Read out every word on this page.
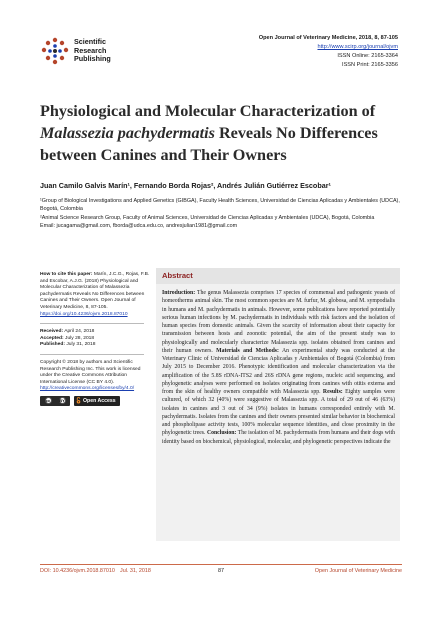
Scientific
Research
Publishing
Open Journal of Veterinary Medicine, 2018, 8, 87-105
http://www.scirp.org/journal/ojvm
ISSN Online: 2165-3364
ISSN Print: 2165-3356
Physiological and Molecular Characterization of Malassezia pachydermatis Reveals No Differences between Canines and Their Owners
Juan Camilo Galvis Marín¹, Fernando Borda Rojas², Andrés Julián Gutiérrez Escobar¹

¹Group of Biological Investigations and Applied Genetics (GIBGA), Faculty Health Sciences, Universidad de Ciencias Aplicadas y Ambientales (UDCA), Bogotá, Colombia

²Animal Science Research Group, Faculty of Animal Sciences, Universidad de Ciencias Aplicadas y Ambientales (UDCA), Bogotá, Colombia

Email: jucagama@gmail.com, fborda@udca.edu.co, andresjulian1981@gmail.com

How to cite this paper: Marín, J.C.G., Rojas, F.B. and Escobar, A.J.G. (2018) Physiological and Molecular Characterization of Malassezia pachydermatis Reveals No Differences between Canines and Their Owners. Open Journal of Veterinary Medicine, 8, 87-105.
https://doi.org/10.4236/ojvm.2018.87010
Received: April 24, 2018
Accepted: July 28, 2018
Published: July 31, 2018
Copyright © 2018 by authors and Scientific Research Publishing Inc. This work is licensed under the Creative Commons Attribution International License (CC BY 4.0).
http://creativecommons.org/licenses/by/4.0/
cc	BY	Open Access
Abstract
Introduction: The genus Malassezia comprises 17 species of commensal and pathogenic yeasts of homeotherms animal skin. The most common species are M. furfur, M. globosa, and M. sympodialis in humans and M. pachydermatis in animals. However, some publications have reported potentially serious human infections by M. pachydermatis in individuals with risk factors and the isolation of human species from domestic animals. Given the scarcity of information about their capacity for transmission between hosts and zoonotic potential, the aim of the present study was to physiologically and molecularly characterize Malassezia spp. isolates obtained from canines and their human owners. Materials and Methods: An experimental study was conducted at the Veterinary Clinic of Universidad de Ciencias Aplicadas y Ambientales of Bogotá (Colombia) from July 2015 to December 2016. Phenotypic identification and molecular characterization via the amplification of the 5.8S rDNA-ITS2 and 26S rDNA gene regions, nucleic acid sequencing, and phylogenetic analyses were performed on isolates originating from canines with otitis externa and from the skin of healthy owners compatible with Malassezia spp. Results: Eighty samples were cultured, of which 32 (40%) were suggestive of Malassezia spp. A total of 29 out of 46 (63%) isolates in canines and 3 out of 34 (9%) isolates in humans corresponded entirely with M. pachydermatis. Isolates from the canines and their owners presented similar behavior in biochemical and phospholipase activity tests, 100% molecular sequence identities, and close proximity in the phylogenetic trees. Conclusion: The isolation of M. pachydermatis from humans and their dogs with identity based on biochemical, physiological, molecular, and phylogenetic perspectives indicate the
DOI: 10.4236/ojvm.2018.87010 Jul. 31, 2018	87	Open Journal of Veterinary Medicine
